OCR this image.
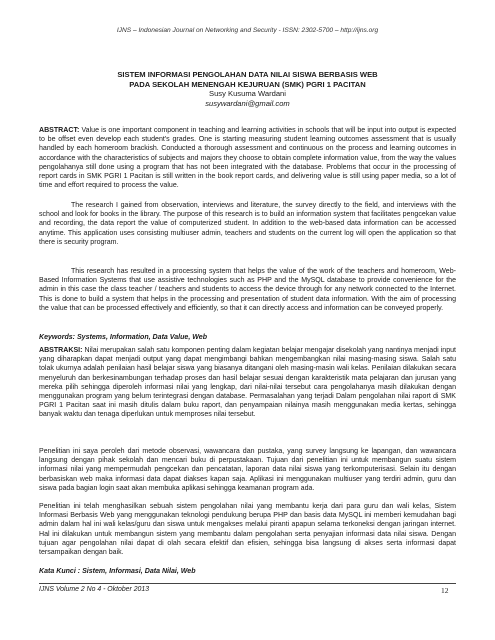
IJNS – Indonesian Journal on Networking and Security - ISSN: 2302-5700 – http://ijns.org

SISTEM INFORMASI PENGOLAHAN DATA NILAI SISWA BERBASIS WEB

PADA SEKOLAH MENENGAH KEJURUAN (SMK) PGRI 1 PACITAN

Susy Kusuma Wardani

susywardani@gmail.com

ABSTRACT: Value is one important component in teaching and learning activities in schools that will be input into output is expected to be offset even develop each student's grades. One is starting measuring student learning outcomes assessment that is usually handled by each homeroom brackish. Conducted a thorough assessment and continuous on the process and learning outcomes in accordance with the characteristics of subjects and majors they choose to obtain complete information value, from the way the values pengolahanya still done using a program that has not been integrated with the database. Problems that occur in the processing of report cards in SMK PGRI 1 Pacitan is still written in the book report cards, and delivering value is still using paper media, so a lot of time and effort required to process the value.

The research I gained from observation, interviews and literature, the survey directly to the field, and interviews with the school and look for books in the library. The purpose of this research is to build an information system that facilitates pengcekan value and recording, the data report the value of computerized student. In addition to the web-based data information can be accessed anytime. This application uses consisting multiuser admin, teachers and students on the current log will open the application so that there is security program.

This research has resulted in a processing system that helps the value of the work of the teachers and homeroom, Web-Based Information Systems that use assistive technologies such as PHP and the MySQL database to provide convenience for the admin in this case the class teacher / teachers and students to access the device through for any network connected to the Internet. This is done to build a system that helps in the processing and presentation of student data information. With the aim of processing the value that can be processed effectively and efficiently, so that it can directly access and information can be conveyed properly.

Keywords: Systems, Information, Data Value, Web

ABSTRAKSI: Nilai merupakan salah satu komponen penting dalam kegiatan belajar mengajar disekolah yang nantinya menjadi input yang diharapkan dapat menjadi output yang dapat mengimbangi bahkan mengembangkan nilai masing-masing siswa. Salah satu tolak ukurnya adalah penilaian hasil belajar siswa yang biasanya ditangani oleh masing-masin wali kelas. Penilaian dilakukan secara menyeluruh dan berkesinambungan terhadap proses dan hasil belajar sesuai dengan karakteristik mata pelajaran dan jurusan yang mereka pilih sehingga diperoleh informasi nilai yang lengkap, dari nilai-nilai tersebut cara pengolahanya masih dilakukan dengan menggunakan program yang belum terintegrasi dengan database. Permasalahan yang terjadi Dalam pengolahan nilai raport di SMK PGRI 1 Pacitan saat ini masih ditulis dalam buku raport, dan penyampaian nilainya masih menggunakan media kertas, sehingga banyak waktu dan tenaga diperlukan untuk memproses nilai tersebut.

Penelitian ini saya peroleh dari metode observasi, wawancara dan pustaka, yang survey langsung ke lapangan, dan wawancara langsung dengan pihak sekolah dan mencari buku di perpustakaan. Tujuan dari penelitian ini untuk membangun suatu sistem informasi nilai yang mempermudah pengcekan dan pencatatan, laporan data nilai siswa yang terkomputerisasi. Selain itu dengan berbasiskan web maka informasi data dapat diakses kapan saja. Aplikasi ini menggunakan multiuser yang terdiri admin, guru dan siswa pada bagian login saat akan membuka aplikasi sehingga keamanan program ada.

Penelitian ini telah menghasilkan sebuah sistem pengolahan nilai yang membantu kerja dari para guru dan wali kelas, Sistem Informasi Berbasis Web yang menggunakan teknologi pendukung berupa PHP dan basis data MySQL ini memberi kemudahan bagi admin dalam hal ini wali kelas/guru dan siswa untuk mengakses melalui piranti apapun selama terkoneksi dengan jaringan internet. Hal ini dilakukan untuk membangun sistem yang membantu dalam pengolahan serta penyajian informasi data nilai siswa. Dengan tujuan agar pengolahan nilai dapat di olah secara efektif dan efisien, sehingga bisa langsung di akses serta informasi dapat tersampaikan dengan baik.

Kata Kunci : Sistem, Informasi, Data Nilai, Web

IJNS Volume 2 No 4 - Oktober 2013	12
